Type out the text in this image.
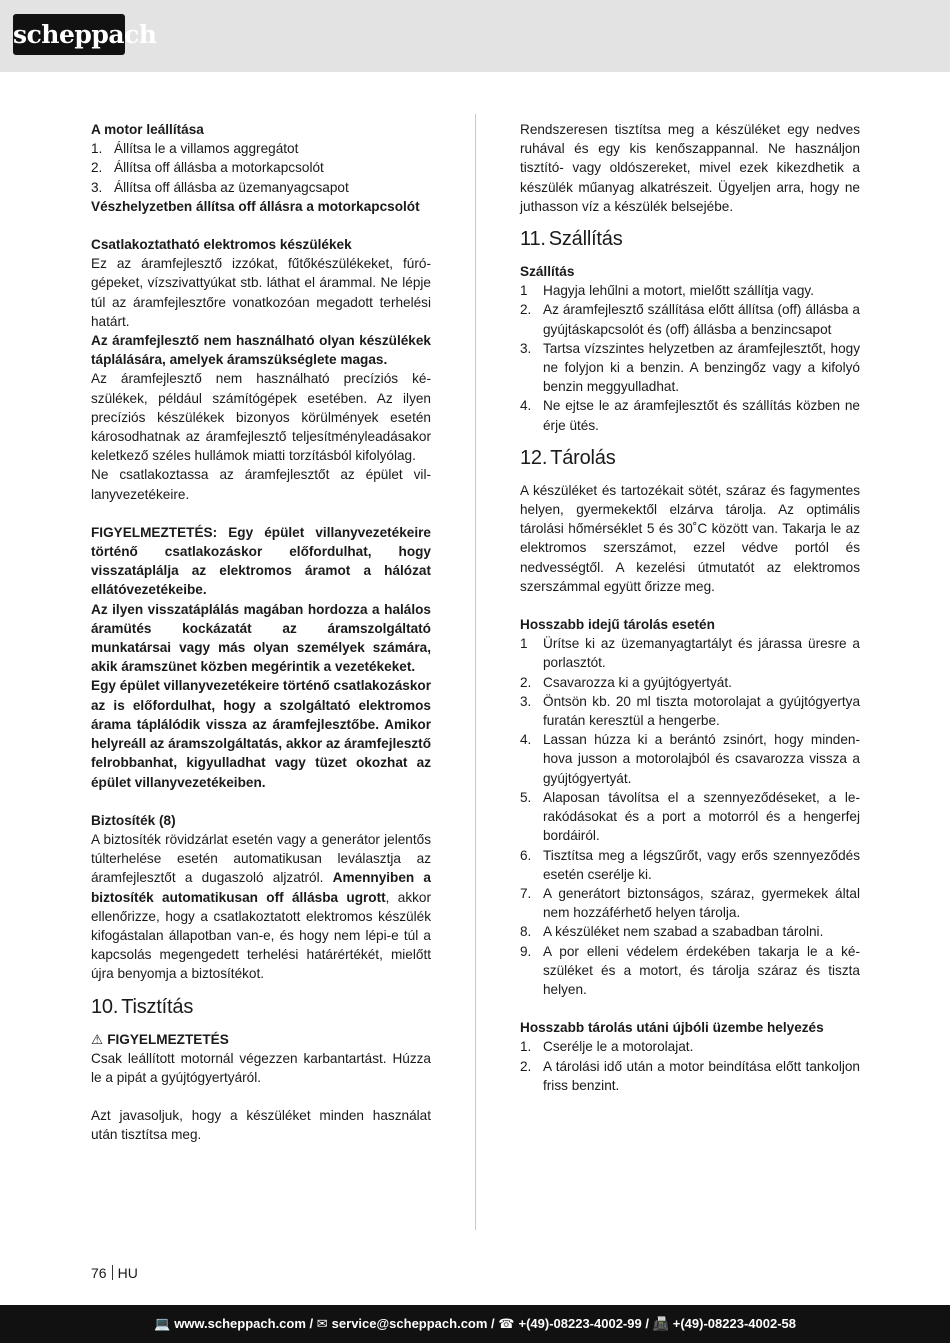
scheppach

A motor leállítása

1. Állítsa le a villamos aggregátot
2. Állítsa off állásba a motorkapcsolót
3. Állítsa off állásba az üzemanyagcsapot

Vészhelyzetben állítsa off állásra a motorkapcsolót

Csatlakoztatható elektromos készülékek

Ez az áramfejlesztő izzókat, fűtőkészülékeket, fúrógépeket, vízszivattyúkat stb. láthat el árammal. Ne lépje túl az áramfejlesztőre vonatkozóan megadott terhelési határt.

Az áramfejlesztő nem használható olyan készülékek táplálására, amelyek áramszükséglete magas.

Az áramfejlesztő nem használható precíziós készülékek, például számítógépek esetében. Az ilyen precíziós készülékek bizonyos körülmények esetén károsodhatnak az áramfejlesztő teljesítményleadásakor keletkező széles hullámok miatti torzításból kifolyólag.

Ne csatlakoztassa az áramfejlesztőt az épület villanyvezetékeire.

FIGYELMEZTETÉS: Egy épület villanyvezetékeire történő csatlakozáskor előfordulhat, hogy visszatáplálja az elektromos áramot a hálózat ellátóvezetékeibe.

Az ilyen visszatáplálás magában hordozza a halálos áramütés kockázatát az áramszolgáltató munkatársai vagy más olyan személyek számára, akik áramszünet közben megérintik a vezetékeket.

Egy épület villanyvezetékeire történő csatlakozáskor az is előfordulhat, hogy a szolgáltató elektromos árama táplálódik vissza az áramfejlesztőbe. Amikor helyreáll az áramszolgáltatás, akkor az áramfejlesztő felrobbanhat, kigyulladhat vagy tüzet okozhat az épület villanyvezetékeiben.

Biztosíték (8)

A biztosíték rövidzárlat esetén vagy a generátor jelentős túlterhelése esetén automatikusan leválasztja az áramfejlesztőt a dugaszoló aljzatról. Amennyiben a biztosíték automatikusan off állásba ugrott, akkor ellenőrizze, hogy a csatlakoztatott elektromos készülék kifogástalan állapotban van-e, és hogy nem lépi-e túl a kapcsolás megengedett terhelési határértékét, mielőtt újra benyomja a biztosítékot.

10. Tisztítás

⚠ FIGYELMEZTETÉS

Csak leállított motornál végezzen karbantartást. Húzza le a pipát a gyújtógyertyáról.

Azt javasoljuk, hogy a készüléket minden használat után tisztítsa meg.

Rendszeresen tisztítsa meg a készüléket egy nedves ruhával és egy kis kenőszappannal. Ne használjon tisztító- vagy oldószereket, mivel ezek kikezdhetik a készülék műanyag alkatrészeit. Ügyeljen arra, hogy ne juthasson víz a készülék belsejébe.

11. Szállítás

Szállítás

1	Hagyja lehűlni a motort, mielőtt szállítja vagy.
2. Az áramfejlesztő szállítása előtt állítsa (off) állásba a gyújtáskapcsolót és (off) állásba a benzincsapot
3. Tartsa vízszintes helyzetben az áramfejlesztőt, hogy ne folyjon ki a benzin. A benzingőz vagy a kifolyó benzin meggyulladhat.
4. Ne ejtse le az áramfejlesztőt és szállítás közben ne érje ütés.
12. Tárolás

A készüléket és tartozékait sötét, száraz és fagymentes helyen, gyermekektől elzárva tárolja. Az optimális tárolási hőmérséklet 5 és 30˚C között van. Takarja le az elektromos szerszámot, ezzel védve portól és nedvességtől. A kezelési útmutatót az elektromos szerszámmal együtt őrizze meg.

Hosszabb idejű tárolás esetén

1	Ürítse ki az üzemanyagtartályt és járassa üresre a porlasztót.
2. Csavarozza ki a gyújtógyertyát.
3. Öntsön kb. 20 ml tiszta motorolajat a gyújtógyertya furatán keresztül a hengerbe.
4. Lassan húzza ki a berántó zsinórt, hogy mindenhova jusson a motorolajból és csavarozza vissza a gyújtógyertyát.
5. Alaposan távolítsa el a szennyeződéseket, a lerakódásokat és a port a motorról és a hengerfej bordáiról.
6. Tisztítsa meg a légszűrőt, vagy erős szennyeződés esetén cserélje ki.
7. A generátort biztonságos, száraz, gyermekek által nem hozzáférhető helyen tárolja.
8. A készüléket nem szabad a szabadban tárolni.
9. A por elleni védelem érdekében takarja le a készüléket és a motort, és tárolja száraz és tiszta helyen.

Hosszabb tárolás utáni újbóli üzembe helyezés

1. Cserélje le a motorolajat.
2. A tárolási idő után a motor beindítása előtt tankoljon friss benzint.
76 HU
💻 www.scheppach.com / ✉ service@scheppach.com / ☎ +(49)-08223-4002-99 / 📠 +(49)-08223-4002-58
